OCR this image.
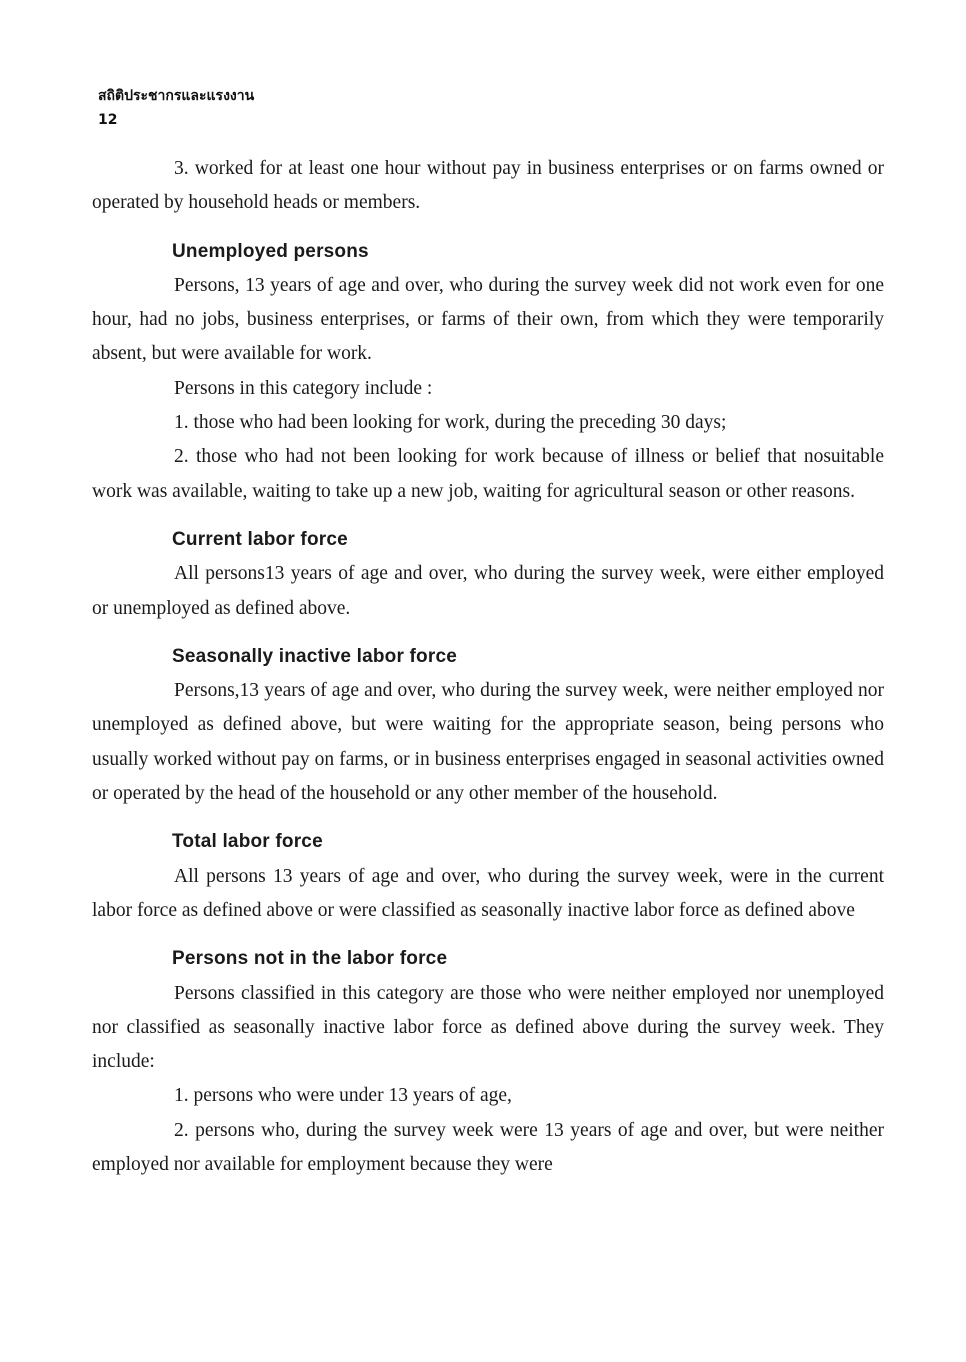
สถิติประชากรและแรงงาน
12

3. worked for at least one hour without pay in business enterprises or on farms owned or operated by household heads or members.

Unemployed persons

Persons, 13 years of age and over, who during the survey week did not work even for one hour, had no jobs, business enterprises, or farms of their own, from which they were temporarily absent, but were available for work.

Persons in this category include :

1. those who had been looking for work, during the preceding 30 days;

2. those who had not been looking for work because of illness or belief that nosuitable work was available, waiting to take up a new job, waiting for agricultural season or other reasons.

Current labor force

All persons13 years of age and over, who during the survey week, were either employed or unemployed as defined above.

Seasonally inactive labor force

Persons,13 years of age and over, who during the survey week, were neither employed nor unemployed as defined above, but were waiting for the appropriate season, being persons who usually worked without pay on farms, or in business enterprises engaged in seasonal activities owned or operated by the head of the household or any other member of the household.

Total labor force

All persons 13 years of age and over, who during the survey week, were in the current labor force as defined above or were classified as seasonally inactive labor force as defined above

Persons not in the labor force

Persons classified in this category are those who were neither employed nor unemployed nor classified as seasonally inactive labor force as defined above during the survey week. They include:

1. persons who were under 13 years of age,

2. persons who, during the survey week were 13 years of age and over, but were neither employed nor available for employment because they were
